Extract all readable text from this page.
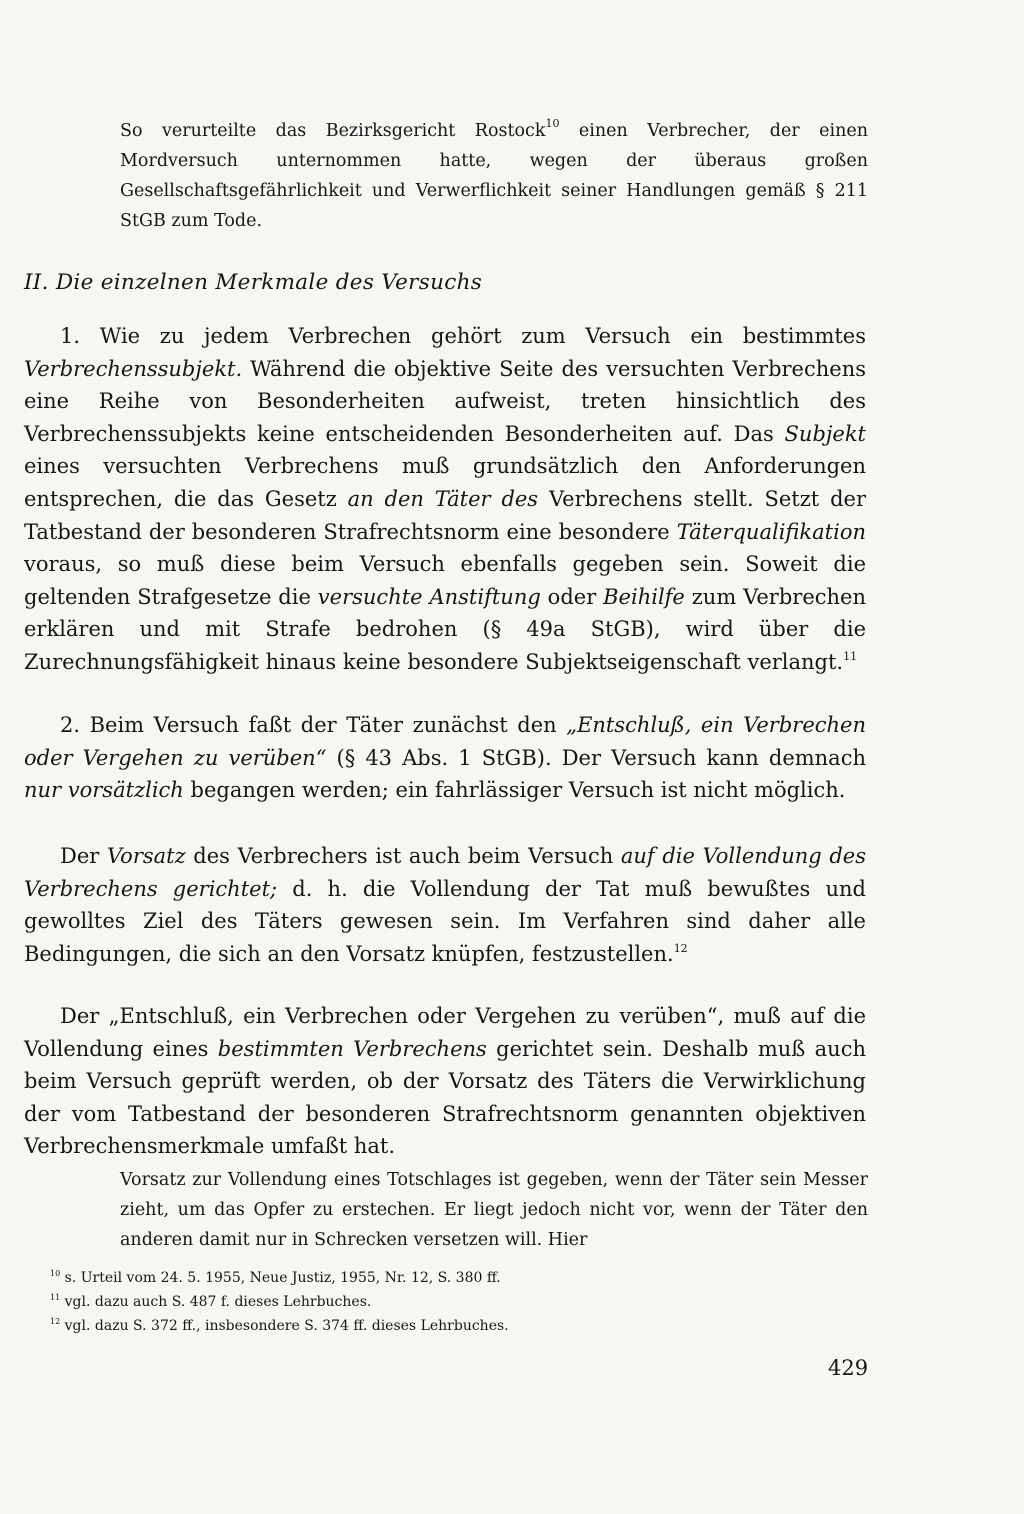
So verurteilte das Bezirksgericht Rostock$^{10}$ einen Verbrecher, der einen Mordversuch unternommen hatte, wegen der überaus großen Gesellschaftsgefährlichkeit und Verwerflichkeit seiner Handlungen gemäß § 211 StGB zum Tode.

II. Die einzelnen Merkmale des Versuchs

1. Wie zu jedem Verbrechen gehört zum Versuch ein bestimmtes Verbrechenssubjekt. Während die objektive Seite des versuchten Verbrechens eine Reihe von Besonderheiten aufweist, treten hinsichtlich des Verbrechenssubjekts keine entscheidenden Besonderheiten auf. Das Subjekt eines versuchten Verbrechens muß grundsätzlich den Anforderungen entsprechen, die das Gesetz an den Täter des Verbrechens stellt. Setzt der Tatbestand der besonderen Strafrechtsnorm eine besondere Täterqualifikation voraus, so muß diese beim Versuch ebenfalls gegeben sein. Soweit die geltenden Strafgesetze die versuchte Anstiftung oder Beihilfe zum Verbrechen erklären und mit Strafe bedrohen (§ 49a StGB), wird über die Zurechnungsfähigkeit hinaus keine besondere Subjektseigenschaft verlangt.$^{11}$

2. Beim Versuch faßt der Täter zunächst den „Entschluß, ein Verbrechen oder Vergehen zu verüben“ (§ 43 Abs. 1 StGB). Der Versuch kann demnach nur vorsätzlich begangen werden; ein fahrlässiger Versuch ist nicht möglich.

Der Vorsatz des Verbrechers ist auch beim Versuch auf die Vollendung des Verbrechens gerichtet; d. h. die Vollendung der Tat muß bewußtes und gewolltes Ziel des Täters gewesen sein. Im Verfahren sind daher alle Bedingungen, die sich an den Vorsatz knüpfen, festzustellen.$^{12}$

Der „Entschluß, ein Verbrechen oder Vergehen zu verüben“, muß auf die Vollendung eines bestimmten Verbrechens gerichtet sein. Deshalb muß auch beim Versuch geprüft werden, ob der Vorsatz des Täters die Verwirklichung der vom Tatbestand der besonderen Strafrechtsnorm genannten objektiven Verbrechensmerkmale umfaßt hat.

Vorsatz zur Vollendung eines Totschlages ist gegeben, wenn der Täter sein Messer zieht, um das Opfer zu erstechen. Er liegt jedoch nicht vor, wenn der Täter den anderen damit nur in Schrecken versetzen will. Hier

$^{10}$ s. Urteil vom 24. 5. 1955, Neue Justiz, 1955, Nr. 12, S. 380 ff.
$^{11}$ vgl. dazu auch S. 487 f. dieses Lehrbuches.
$^{12}$ vgl. dazu S. 372 ff., insbesondere S. 374 ff. dieses Lehrbuches.
429
